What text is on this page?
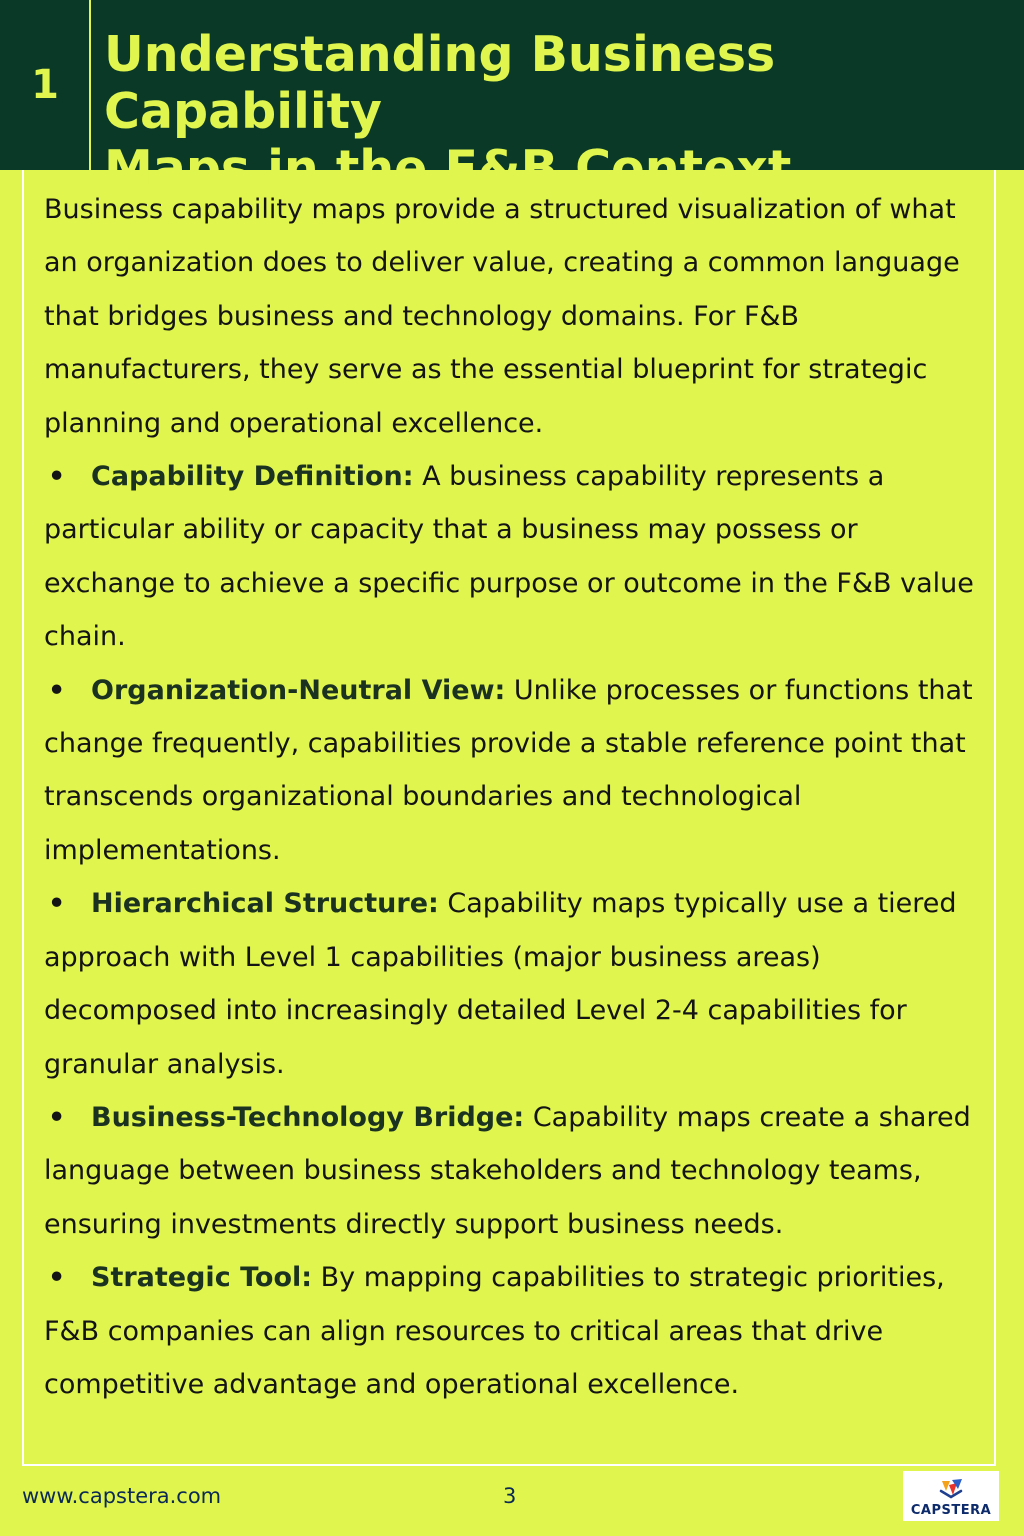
1
Understanding Business Capability
Maps in the F&B Context

Business capability maps provide a structured visualization of what an organization does to deliver value, creating a common language that bridges business and technology domains. For F&B manufacturers, they serve as the essential blueprint for strategic planning and operational excellence.

• Capability Definition: A business capability represents a particular ability or capacity that a business may possess or exchange to achieve a specific purpose or outcome in the F&B value chain.
• Organization-Neutral View: Unlike processes or functions that change frequently, capabilities provide a stable reference point that transcends organizational boundaries and technological implementations.
• Hierarchical Structure: Capability maps typically use a tiered approach with Level 1 capabilities (major business areas) decomposed into increasingly detailed Level 2-4 capabilities for granular analysis.
• Business-Technology Bridge: Capability maps create a shared language between business stakeholders and technology teams, ensuring investments directly support business needs.
• Strategic Tool: By mapping capabilities to strategic priorities, F&B companies can align resources to critical areas that drive competitive advantage and operational excellence.
www.capstera.com	3
CAPSTERA
